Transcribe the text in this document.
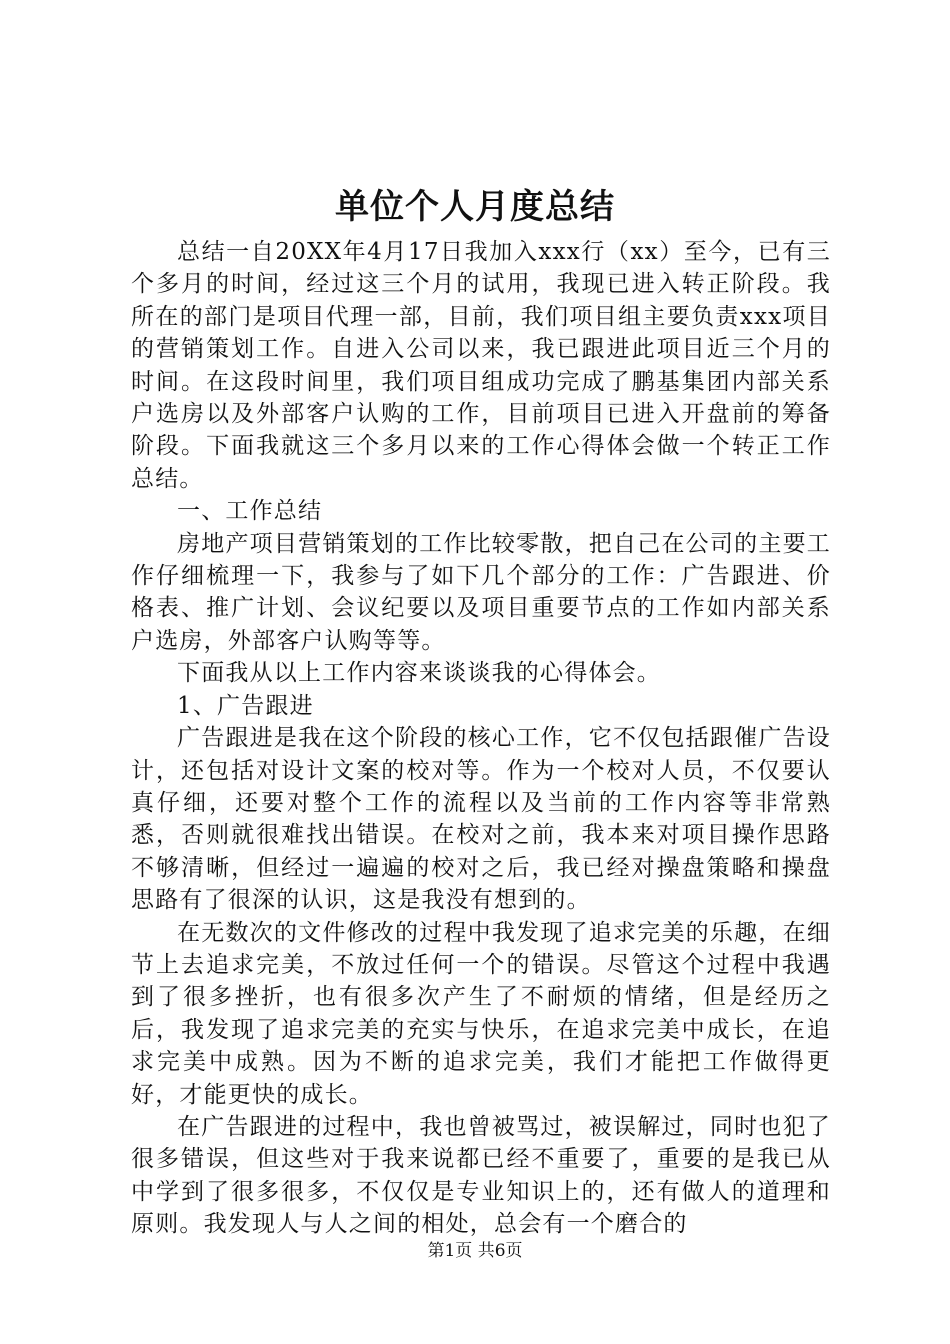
单位个人月度总结

总结一自20XX年4月17日我加入xxx行（xx）至今，已有三个多月的时间，经过这三个月的试用，我现已进入转正阶段。我所在的部门是项目代理一部，目前，我们项目组主要负责xxx项目的营销策划工作。自进入公司以来，我已跟进此项目近三个月的时间。在这段时间里，我们项目组成功完成了鹏基集团内部关系户选房以及外部客户认购的工作，目前项目已进入开盘前的筹备阶段。下面我就这三个多月以来的工作心得体会做一个转正工作总结。

一、工作总结

房地产项目营销策划的工作比较零散，把自己在公司的主要工作仔细梳理一下，我参与了如下几个部分的工作：广告跟进、价格表、推广计划、会议纪要以及项目重要节点的工作如内部关系户选房，外部客户认购等等。

下面我从以上工作内容来谈谈我的心得体会。

1、广告跟进

广告跟进是我在这个阶段的核心工作，它不仅包括跟催广告设计，还包括对设计文案的校对等。作为一个校对人员，不仅要认真仔细，还要对整个工作的流程以及当前的工作内容等非常熟悉，否则就很难找出错误。在校对之前，我本来对项目操作思路不够清晰，但经过一遍遍的校对之后，我已经对操盘策略和操盘思路有了很深的认识，这是我没有想到的。

在无数次的文件修改的过程中我发现了追求完美的乐趣，在细节上去追求完美，不放过任何一个的错误。尽管这个过程中我遇到了很多挫折，也有很多次产生了不耐烦的情绪，但是经历之后，我发现了追求完美的充实与快乐，在追求完美中成长，在追求完美中成熟。因为不断的追求完美，我们才能把工作做得更好，才能更快的成长。

在广告跟进的过程中，我也曾被骂过，被误解过，同时也犯了很多错误，但这些对于我来说都已经不重要了，重要的是我已从中学到了很多很多，不仅仅是专业知识上的，还有做人的道理和原则。我发现人与人之间的相处，总会有一个磨合的

第1页 共6页
